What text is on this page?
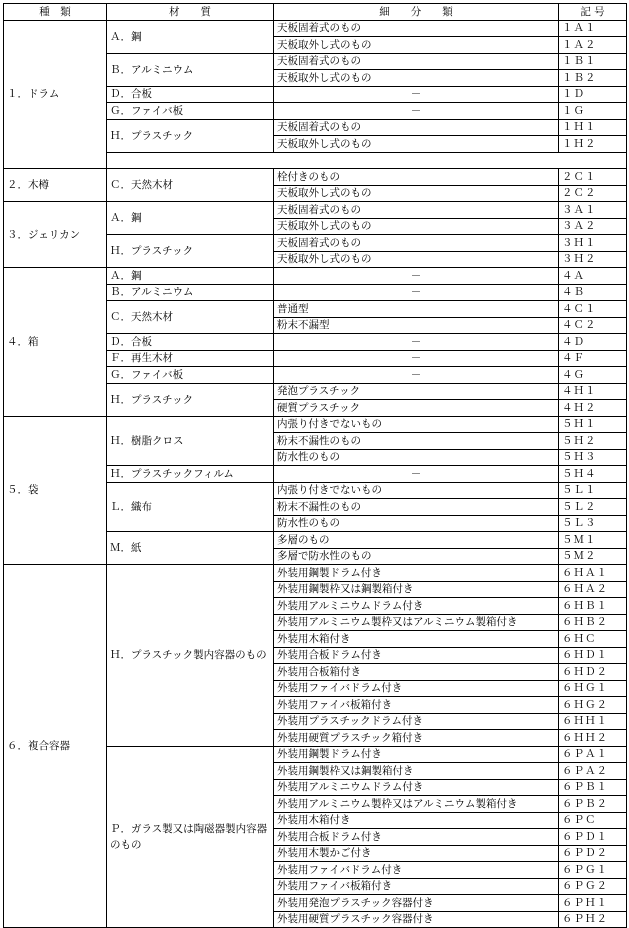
種　類	材　　質	細　　分　　類	記 号
１．ドラム	Ａ．鋼	天板固着式のもの	１Ａ１
		天板取外し式のもの	１Ａ２
	Ｂ．アルミニウム	天板固着式のもの	１Ｂ１
		天板取外し式のもの	１Ｂ２
	Ｄ．合板	－	１Ｄ
	Ｇ．ファイバ板	－	１Ｇ
	Ｈ．プラスチック	天板固着式のもの	１Ｈ１
		天板取外し式のもの	１Ｈ２

２．木樽	Ｃ．天然木材	栓付きのもの	２Ｃ１
		天板取外し式のもの	２Ｃ２
３．ジェリカン	Ａ．鋼	天板固着式のもの	３Ａ１
		天板取外し式のもの	３Ａ２
	Ｈ．プラスチック	天板固着式のもの	３Ｈ１
		天板取外し式のもの	３Ｈ２
４．箱	Ａ．鋼	－	４Ａ
	Ｂ．アルミニウム	－	４Ｂ
	Ｃ．天然木材	普通型	４Ｃ１
		粉末不漏型	４Ｃ２
	Ｄ．合板	－	４Ｄ
	Ｆ．再生木材	－	４Ｆ
	Ｇ．ファイバ板	－	４Ｇ
	Ｈ．プラスチック	発泡プラスチック	４Ｈ１
		硬質プラスチック	４Ｈ２
５．袋	Ｈ．樹脂クロス	内張り付きでないもの	５Ｈ１
		粉末不漏性のもの	５Ｈ２
		防水性のもの	５Ｈ３
	Ｈ．プラスチックフィルム	－	５Ｈ４
	Ｌ．織布	内張り付きでないもの	５Ｌ１
		粉末不漏性のもの	５Ｌ２
		防水性のもの	５Ｌ３
	Ｍ．紙	多層のもの	５Ｍ１
		多層で防水性のもの	５Ｍ２
６．複合容器	Ｈ．プラスチック製内容器のもの	外装用鋼製ドラム付き	６ＨＡ１
		外装用鋼製枠又は鋼製箱付き	６ＨＡ２
		外装用アルミニウムドラム付き	６ＨＢ１
		外装用アルミニウム製枠又はアルミニウム製箱付き	６ＨＢ２
		外装用木箱付き	６ＨＣ
		外装用合板ドラム付き	６ＨＤ１
		外装用合板箱付き	６ＨＤ２
		外装用ファイバドラム付き	６ＨＧ１
		外装用ファイバ板箱付き	６ＨＧ２
		外装用プラスチックドラム付き	６ＨＨ１
		外装用硬質プラスチック箱付き	６ＨＨ２
	Ｐ．ガラス製又は陶磁器製内容器のもの	外装用鋼製ドラム付き	６ＰＡ１
		外装用鋼製枠又は鋼製箱付き	６ＰＡ２
		外装用アルミニウムドラム付き	６ＰＢ１
		外装用アルミニウム製枠又はアルミニウム製箱付き	６ＰＢ２
		外装用木箱付き	６ＰＣ
		外装用合板ドラム付き	６ＰＤ１
		外装用木製かご付き	６ＰＤ２
		外装用ファイバドラム付き	６ＰＧ１
		外装用ファイバ板箱付き	６ＰＧ２
		外装用発泡プラスチック容器付き	６ＰＨ１
		外装用硬質プラスチック容器付き	６ＰＨ２
